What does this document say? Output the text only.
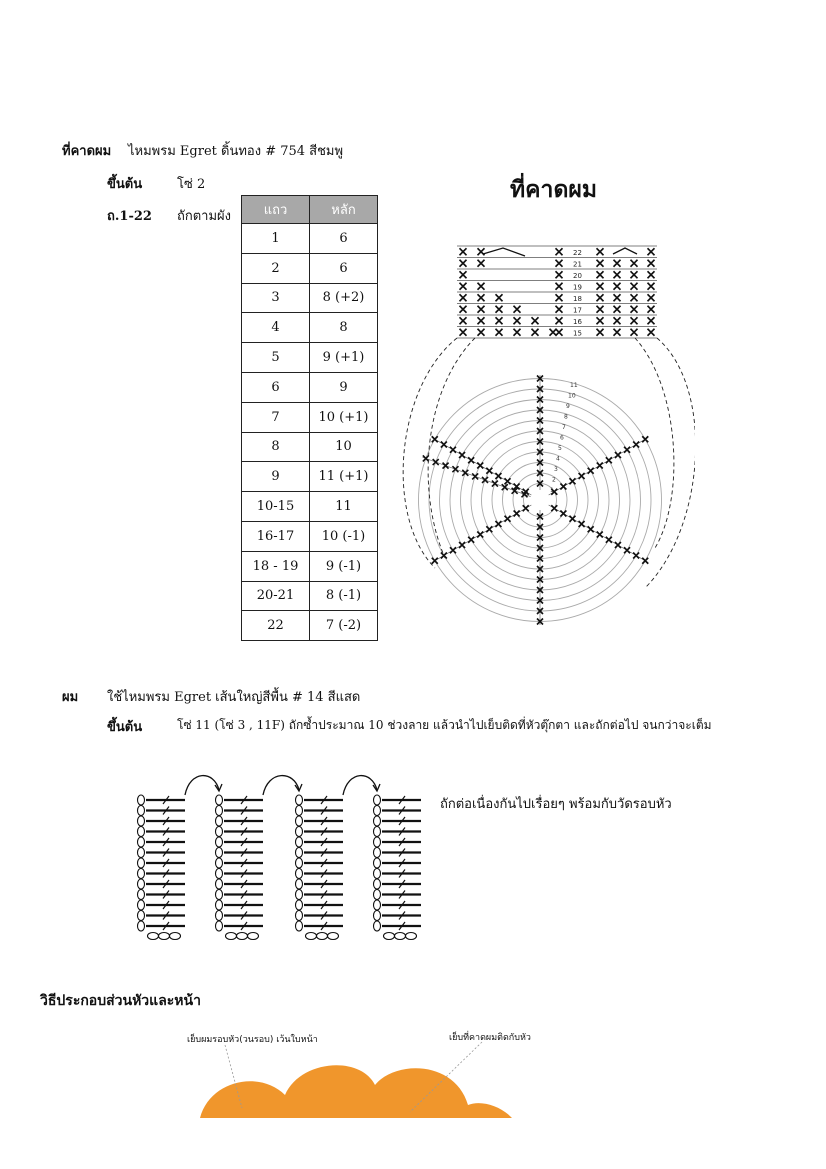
ที่คาดผม ไหมพรม Egret ดิ้นทอง # 754 สีชมพู
ขึ้นต้น	โซ่ 2
ถ.1-22 ถักตามผัง	แถว	หลัก
1	6
2	6
3	8 (+2)
4	8
5	9 (+1)
6	9
7	10 (+1)
8	10
9	11 (+1)
10-15	11
16-17	10 (-1)
18 - 19	9 (-1)
20-21	8 (-1)
22	7 (-2)
ที่คาดผม
22
21
20
19
18
17
16
15
1
2
3
4
5
6
7
8
9
10
11
ผม ใช้ไหมพรม Egret เส้นใหญ่สีพื้น # 14 สีแสด
ขึ้นต้น	โซ่ 11 (โซ่ 3 , 11F) ถักซ้ำประมาณ 10 ช่วงลาย แล้วนำไปเย็บติดที่หัวตุ๊กตา และถักต่อไป จนกว่าจะเต็ม
ถักต่อเนื่องกันไปเรื่อยๆ พร้อมกับวัดรอบหัว
วิธีประกอบส่วนหัวและหน้า
เย็บผมรอบหัว(วนรอบ) เว้นใบหน้า	เย็บที่คาดผมติดกับหัว
